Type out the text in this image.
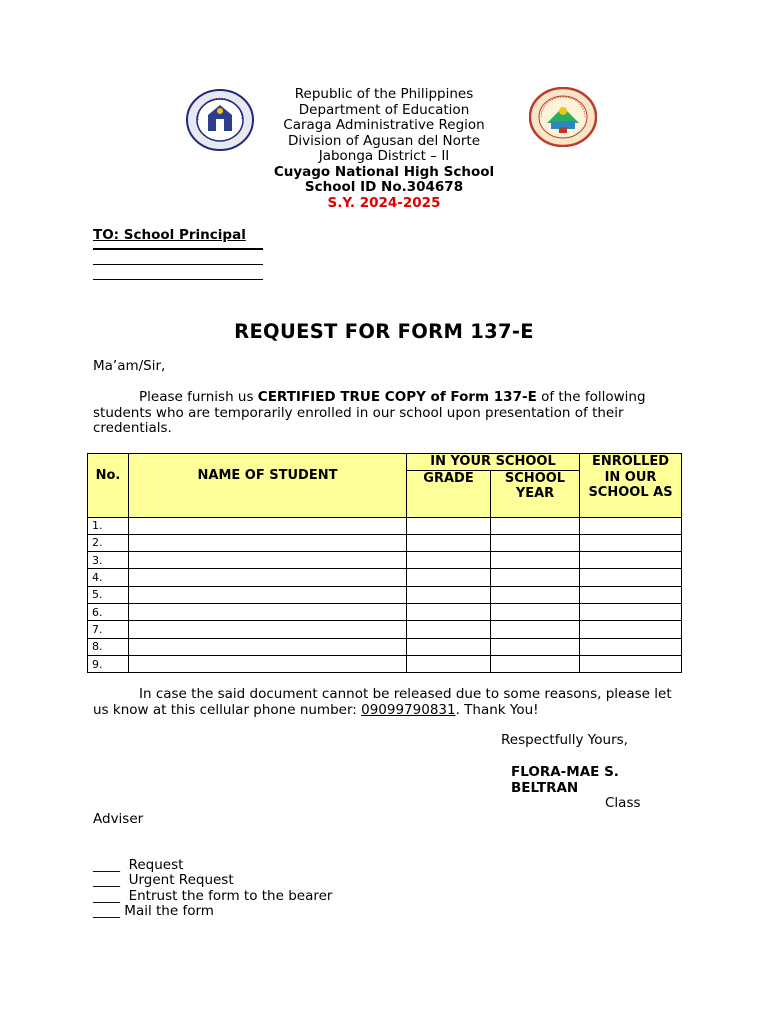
Republic of the Philippines
Department of Education
Caraga Administrative Region
Division of Agusan del Norte
Jabonga District – II
Cuyago National High School
School ID No.304678
S.Y. 2024-2025
TO: School Principal
REQUEST FOR FORM 137-E
Ma’am/Sir,
Please furnish us CERTIFIED TRUE COPY of Form 137-E of the following students who are temporarily enrolled in our school upon presentation of their credentials.
No.	NAME OF STUDENT	IN YOUR SCHOOL		ENROLLED IN OUR SCHOOL AS
		GRADE	SCHOOL YEAR	
1.				
2.				
3.				
4.				
5.				
6.				
7.				
8.				
9.				
In case the said document cannot be released due to some reasons, please let us know at this cellular phone number: 09099790831. Thank You!
Respectfully Yours,
FLORA-MAE S.
BELTRAN
Class
Adviser
____  Request
____  Urgent Request
____  Entrust the form to the bearer
____ Mail the form
